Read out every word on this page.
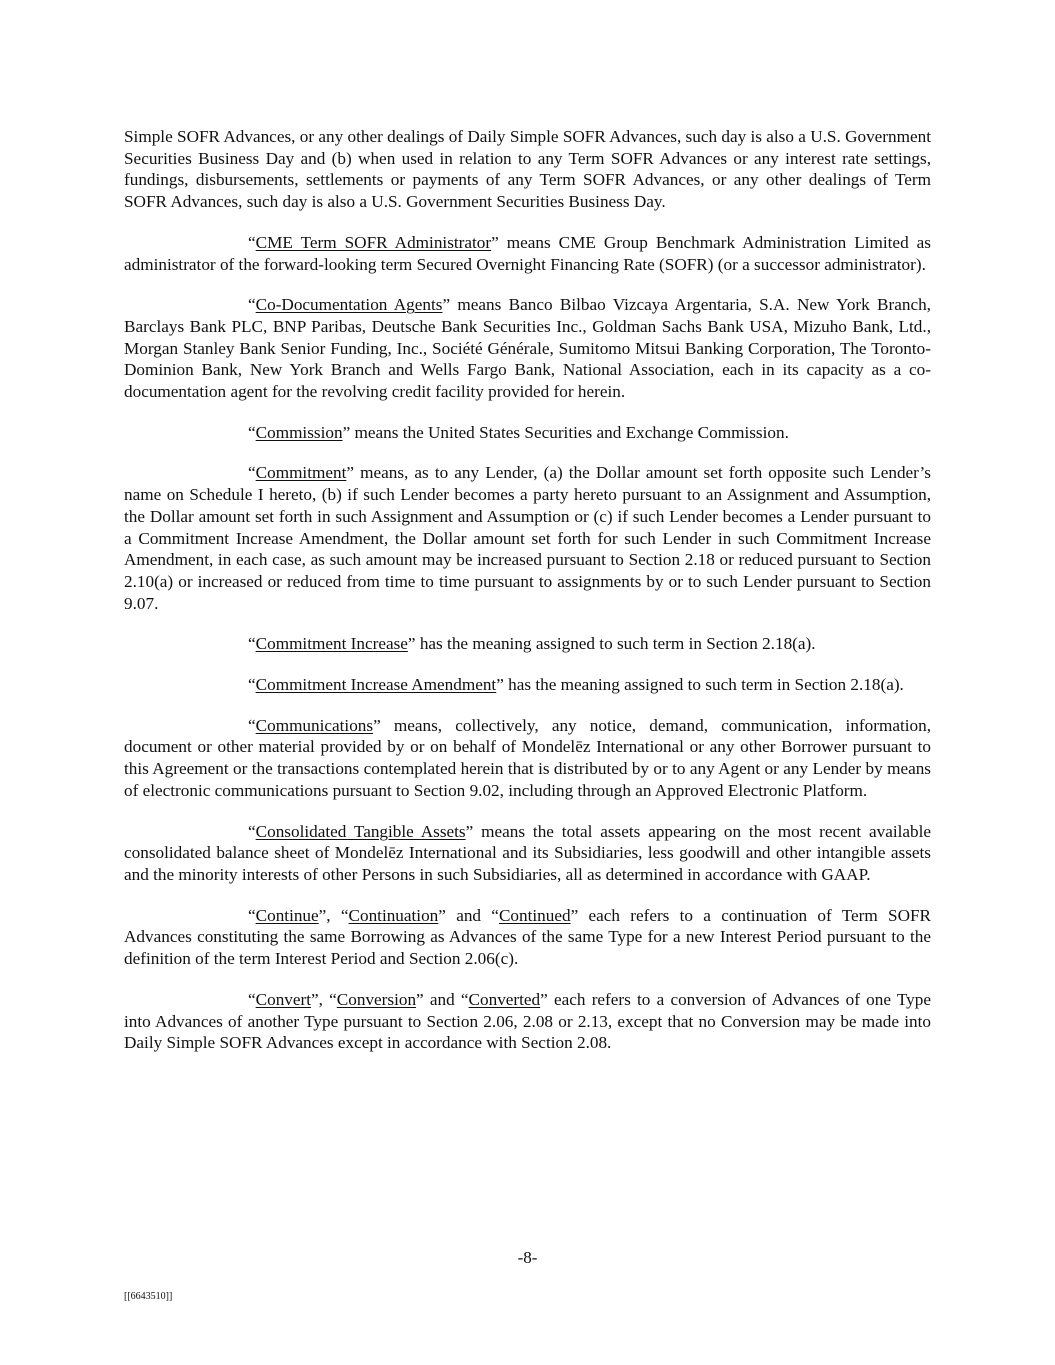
Simple SOFR Advances, or any other dealings of Daily Simple SOFR Advances, such day is also a U.S. Government Securities Business Day and (b) when used in relation to any Term SOFR Advances or any interest rate settings, fundings, disbursements, settlements or payments of any Term SOFR Advances, or any other dealings of Term SOFR Advances, such day is also a U.S. Government Securities Business Day.

“CME Term SOFR Administrator” means CME Group Benchmark Administration Limited as administrator of the forward-looking term Secured Overnight Financing Rate (SOFR) (or a successor administrator).

“Co-Documentation Agents” means Banco Bilbao Vizcaya Argentaria, S.A. New York Branch, Barclays Bank PLC, BNP Paribas, Deutsche Bank Securities Inc., Goldman Sachs Bank USA, Mizuho Bank, Ltd., Morgan Stanley Bank Senior Funding, Inc., Société Générale, Sumitomo Mitsui Banking Corporation, The Toronto-Dominion Bank, New York Branch and Wells Fargo Bank, National Association, each in its capacity as a co-documentation agent for the revolving credit facility provided for herein.

“Commission” means the United States Securities and Exchange Commission.

“Commitment” means, as to any Lender, (a) the Dollar amount set forth opposite such Lender’s name on Schedule I hereto, (b) if such Lender becomes a party hereto pursuant to an Assignment and Assumption, the Dollar amount set forth in such Assignment and Assumption or (c) if such Lender becomes a Lender pursuant to a Commitment Increase Amendment, the Dollar amount set forth for such Lender in such Commitment Increase Amendment, in each case, as such amount may be increased pursuant to Section 2.18 or reduced pursuant to Section 2.10(a) or increased or reduced from time to time pursuant to assignments by or to such Lender pursuant to Section 9.07.

“Commitment Increase” has the meaning assigned to such term in Section 2.18(a).

“Commitment Increase Amendment” has the meaning assigned to such term in Section 2.18(a).

“Communications” means, collectively, any notice, demand, communication, information, document or other material provided by or on behalf of Mondelēz International or any other Borrower pursuant to this Agreement or the transactions contemplated herein that is distributed by or to any Agent or any Lender by means of electronic communications pursuant to Section 9.02, including through an Approved Electronic Platform.

“Consolidated Tangible Assets” means the total assets appearing on the most recent available consolidated balance sheet of Mondelēz International and its Subsidiaries, less goodwill and other intangible assets and the minority interests of other Persons in such Subsidiaries, all as determined in accordance with GAAP.

“Continue”, “Continuation” and “Continued” each refers to a continuation of Term SOFR Advances constituting the same Borrowing as Advances of the same Type for a new Interest Period pursuant to the definition of the term Interest Period and Section 2.06(c).

“Convert”, “Conversion” and “Converted” each refers to a conversion of Advances of one Type into Advances of another Type pursuant to Section 2.06, 2.08 or 2.13, except that no Conversion may be made into Daily Simple SOFR Advances except in accordance with Section 2.08.

-8-
[[6643510]]
